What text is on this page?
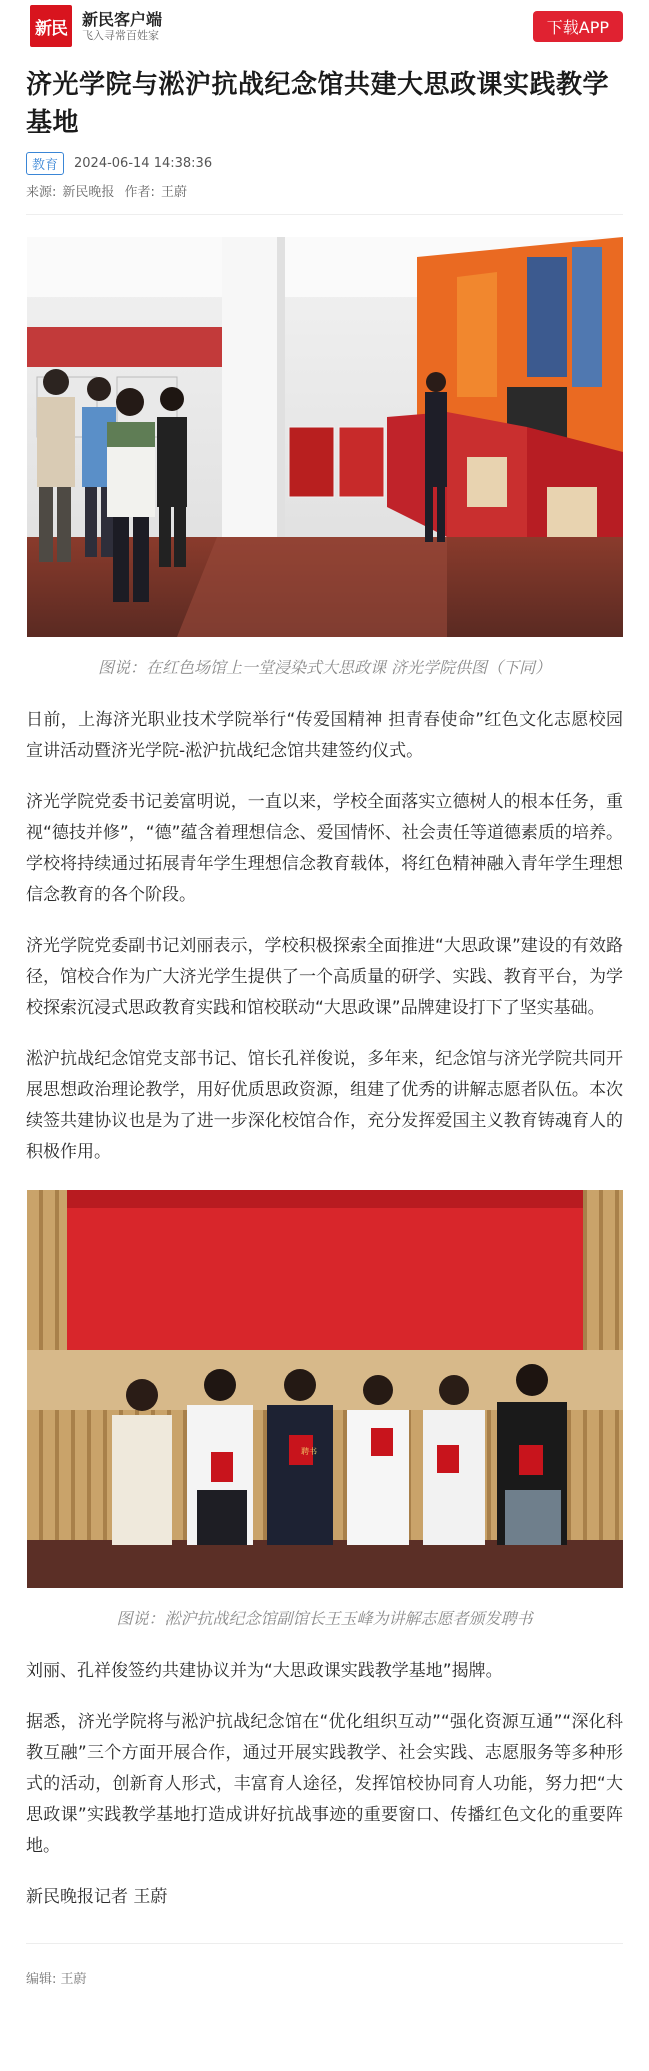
新民 新民客户端
飞入寻常百姓家	下载APP
济光学院与淞沪抗战纪念馆共建大思政课实践教学基地
教育	2024-06-14 14:38:36
来源: 新民晚报 作者: 王蔚
图说：在红色场馆上一堂浸染式大思政课 济光学院供图（下同）

日前，上海济光职业技术学院举行“传爱国精神 担青春使命”红色文化志愿校园宣讲活动暨济光学院-淞沪抗战纪念馆共建签约仪式。

济光学院党委书记姜富明说，一直以来，学校全面落实立德树人的根本任务，重视“德技并修”，“德”蕴含着理想信念、爱国情怀、社会责任等道德素质的培养。学校将持续通过拓展青年学生理想信念教育载体，将红色精神融入青年学生理想信念教育的各个阶段。

济光学院党委副书记刘丽表示，学校积极探索全面推进“大思政课”建设的有效路径，馆校合作为广大济光学生提供了一个高质量的研学、实践、教育平台，为学校探索沉浸式思政教育实践和馆校联动“大思政课”品牌建设打下了坚实基础。

淞沪抗战纪念馆党支部书记、馆长孔祥俊说，多年来，纪念馆与济光学院共同开展思想政治理论教学，用好优质思政资源，组建了优秀的讲解志愿者队伍。本次续签共建协议也是为了进一步深化校馆合作，充分发挥爱国主义教育铸魂育人的积极作用。

聘书
图说：淞沪抗战纪念馆副馆长王玉峰为讲解志愿者颁发聘书

刘丽、孔祥俊签约共建协议并为“大思政课实践教学基地”揭牌。

据悉，济光学院将与淞沪抗战纪念馆在“优化组织互动”“强化资源互通”“深化科教互融”三个方面开展合作，通过开展实践教学、社会实践、志愿服务等多种形式的活动，创新育人形式，丰富育人途径，发挥馆校协同育人功能，努力把“大思政课”实践教学基地打造成讲好抗战事迹的重要窗口、传播红色文化的重要阵地。

新民晚报记者 王蔚

编辑: 王蔚
